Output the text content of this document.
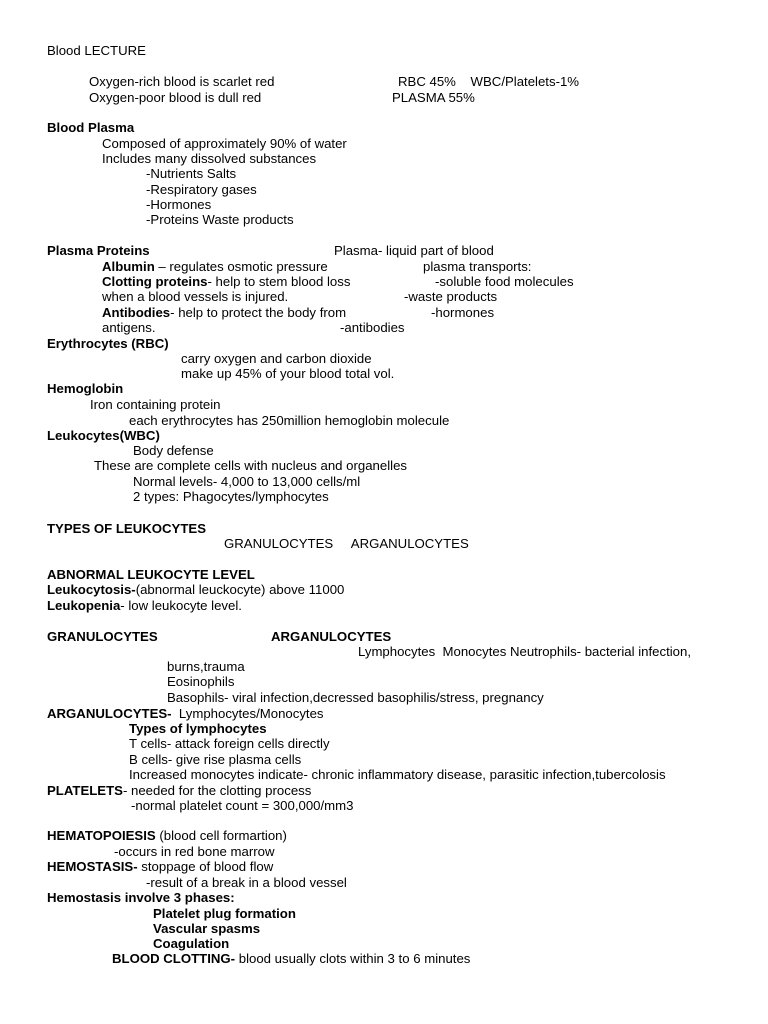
Blood LECTURE
Oxygen-rich blood is scarlet red	RBC 45%    WBC/Platelets-1%
Oxygen-poor blood is dull red	PLASMA 55%
Blood Plasma
Composed of approximately 90% of water
Includes many dissolved substances
-Nutrients Salts
-Respiratory gases
-Hormones
-Proteins Waste products
Plasma Proteins	Plasma- liquid part of blood
Albumin – regulates osmotic pressure	plasma transports:
Clotting proteins- help to stem blood loss	-soluble food molecules
when a blood vessels is injured.	-waste products
Antibodies- help to protect the body from	-hormones
antigens.	-antibodies
Erythrocytes (RBC)
carry oxygen and carbon dioxide
make up 45% of your blood total vol.
Hemoglobin
Iron containing protein
each erythrocytes has 250million hemoglobin molecule
Leukocytes(WBC)
Body defense
These are complete cells with nucleus and organelles
Normal levels- 4,000 to 13,000 cells/ml
2 types: Phagocytes/lymphocytes
TYPES OF LEUKOCYTES
GRANULOCYTES     ARGANULOCYTES
ABNORMAL LEUKOCYTE LEVEL
Leukocytosis-(abnormal leuckocyte) above 11000
Leukopenia- low leukocyte level.
GRANULOCYTES	ARGANULOCYTES
Lymphocytes  Monocytes Neutrophils- bacterial infection,
burns,trauma
Eosinophils
Basophils- viral infection,decressed basophilis/stress, pregnancy
ARGANULOCYTES-  Lymphocytes/Monocytes
Types of lymphocytes
T cells- attack foreign cells directly
B cells- give rise plasma cells
Increased monocytes indicate- chronic inflammatory disease, parasitic infection,tubercolosis
PLATELETS- needed for the clotting process
-normal platelet count = 300,000/mm3
HEMATOPOIESIS (blood cell formartion)
-occurs in red bone marrow
HEMOSTASIS- stoppage of blood flow
-result of a break in a blood vessel
Hemostasis involve 3 phases:
Platelet plug formation
Vascular spasms
Coagulation
BLOOD CLOTTING- blood usually clots within 3 to 6 minutes
